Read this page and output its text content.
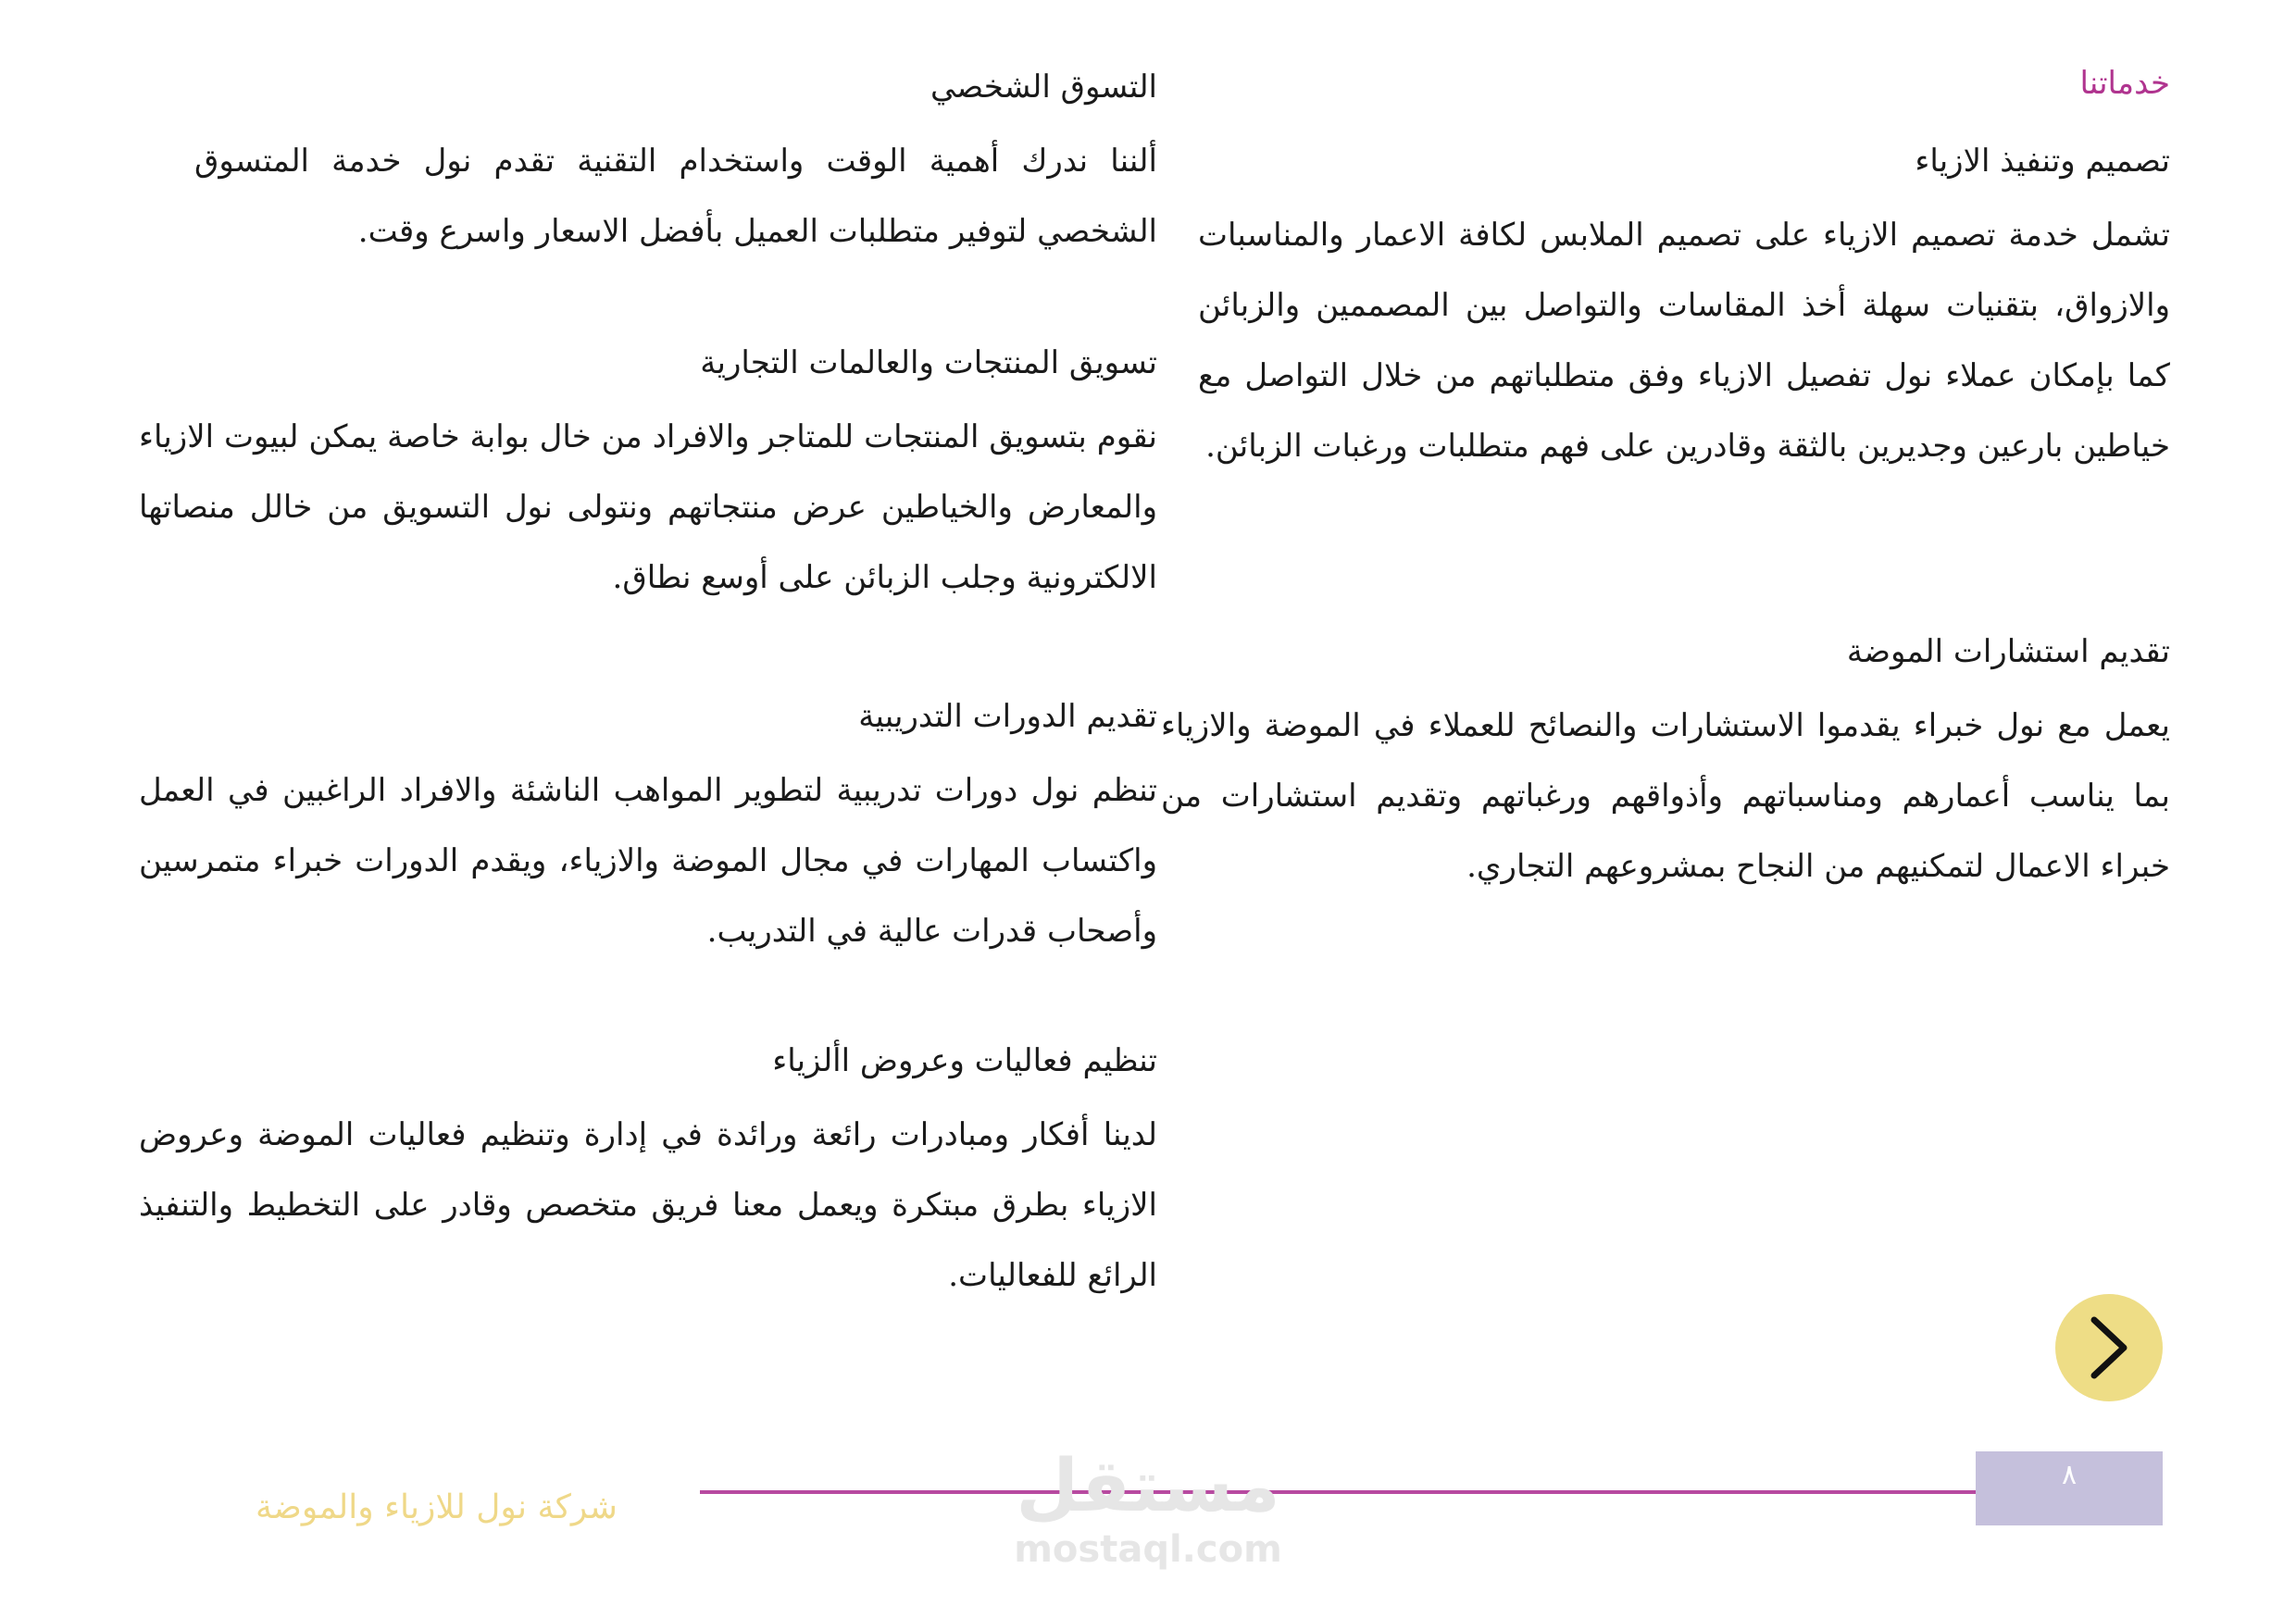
خدماتنا
تصميم وتنفيذ الازياء

تشمل خدمة تصميم الازياء على تصميم الملابس لكافة الاعمار والمناسبات والازواق، بتقنيات سهلة أخذ المقاسات والتواصل بين المصممين والزبائن كما بإمكان عملاء نول تفصيل الازياء وفق متطلباتهم من خلال التواصل مع خياطين بارعين وجديرين بالثقة وقادرين على فهم متطلبات ورغبات الزبائن.

تقديم استشارات الموضة

يعمل مع نول خبراء يقدموا الاستشارات والنصائح للعملاء في الموضة والازياء بما يناسب أعمارهم ومناسباتهم وأذواقهم ورغباتهم وتقديم استشارات من خبراء الاعمال لتمكنيهم من النجاح بمشروعهم التجاري.

التسوق الشخصي

ألننا ندرك أهمية الوقت واستخدام التقنية تقدم نول خدمة المتسوق الشخصي لتوفير متطلبات العميل بأفضل الاسعار واسرع وقت.

تسويق المنتجات والعالمات التجارية

نقوم بتسويق المنتجات للمتاجر والافراد من خال بوابة خاصة يمكن لبيوت الازياء والمعارض والخياطين عرض منتجاتهم ونتولى نول التسويق من خالل منصاتها الالكترونية وجلب الزبائن على أوسع نطاق.

تقديم الدورات التدريبية

تنظم نول دورات تدريبية لتطوير المواهب الناشئة والافراد الراغبين في العمل واكتساب المهارات في مجال الموضة والازياء، ويقدم الدورات خبراء متمرسين وأصحاب قدرات عالية في التدريب.

تنظيم فعاليات وعروض األزياء

لدينا أفكار ومبادرات رائعة ورائدة في إدارة وتنظيم فعاليات الموضة وعروض الازياء بطرق مبتكرة ويعمل معنا فريق متخصص وقادر على التخطيط والتنفيذ الرائع للفعاليات.

٨
مستقل
mostaql.com
شركة نول للازياء والموضة
